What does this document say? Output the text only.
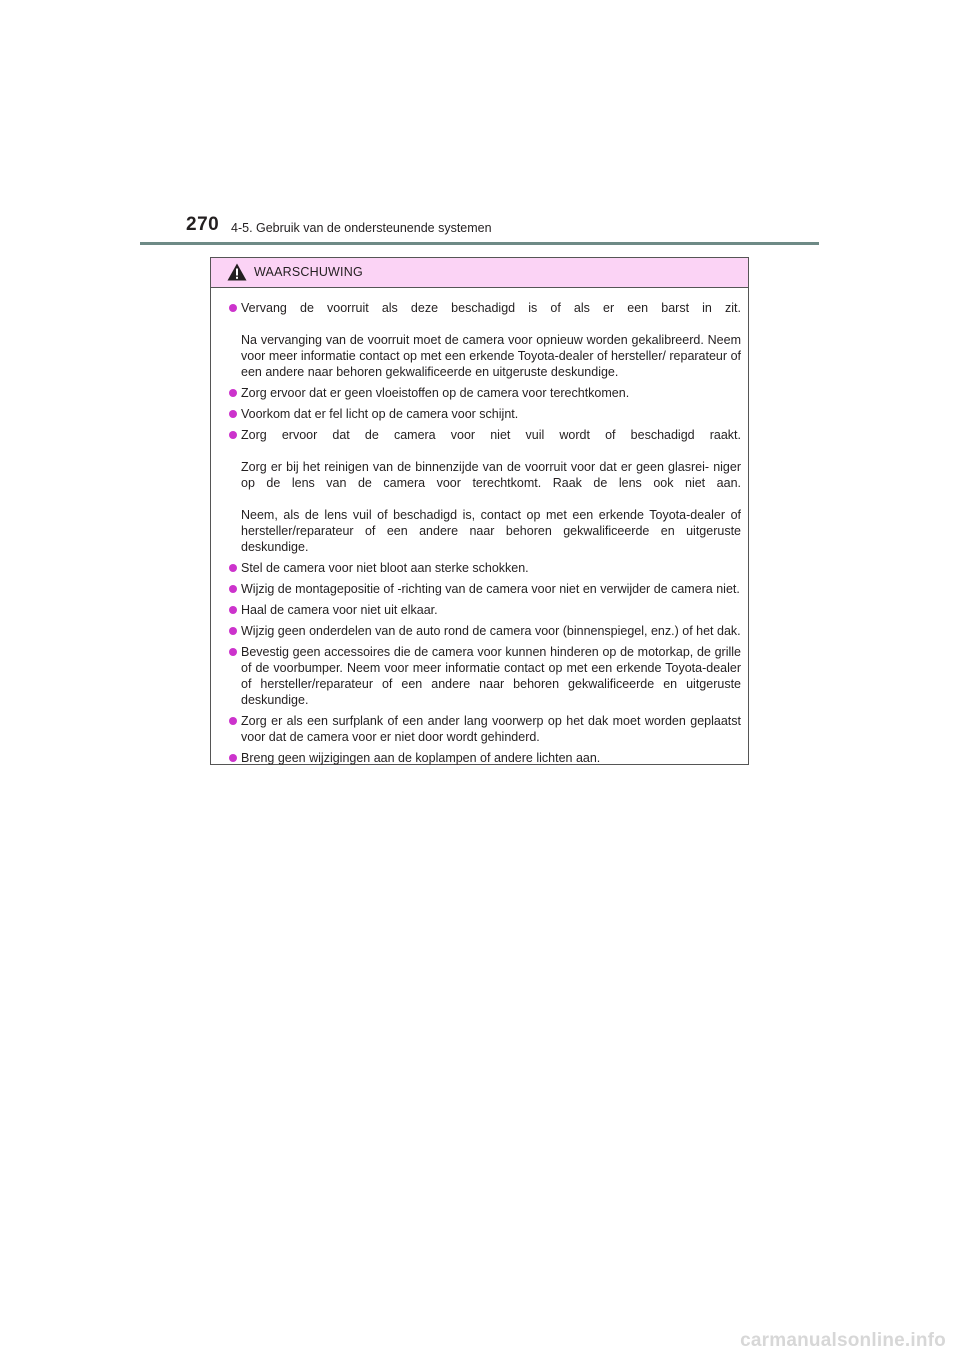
270 4-5. Gebruik van de ondersteunende systemen
WAARSCHUWING

Vervang de voorruit als deze beschadigd is of als er een barst in zit.

Na vervanging van de voorruit moet de camera voor opnieuw worden gekalibreerd. Neem voor meer informatie contact op met een erkende Toyota-dealer of hersteller/ reparateur of een andere naar behoren gekwalificeerde en uitgeruste deskundige.

Zorg ervoor dat er geen vloeistoffen op de camera voor terechtkomen.

Voorkom dat er fel licht op de camera voor schijnt.

Zorg ervoor dat de camera voor niet vuil wordt of beschadigd raakt.

Zorg er bij het reinigen van de binnenzijde van de voorruit voor dat er geen glasrei- niger op de lens van de camera voor terechtkomt. Raak de lens ook niet aan.

Neem, als de lens vuil of beschadigd is, contact op met een erkende Toyota-dealer of hersteller/reparateur of een andere naar behoren gekwalificeerde en uitgeruste deskundige.

Stel de camera voor niet bloot aan sterke schokken.

Wijzig de montagepositie of -richting van de camera voor niet en verwijder de camera niet.

Haal de camera voor niet uit elkaar.

Wijzig geen onderdelen van de auto rond de camera voor (binnenspiegel, enz.) of het dak.

Bevestig geen accessoires die de camera voor kunnen hinderen op de motorkap, de grille of de voorbumper. Neem voor meer informatie contact op met een erkende Toyota-dealer of hersteller/reparateur of een andere naar behoren gekwalificeerde en uitgeruste deskundige.

Zorg er als een surfplank of een ander lang voorwerp op het dak moet worden geplaatst voor dat de camera voor er niet door wordt gehinderd.

Breng geen wijzigingen aan de koplampen of andere lichten aan.

carmanualsonline.info
